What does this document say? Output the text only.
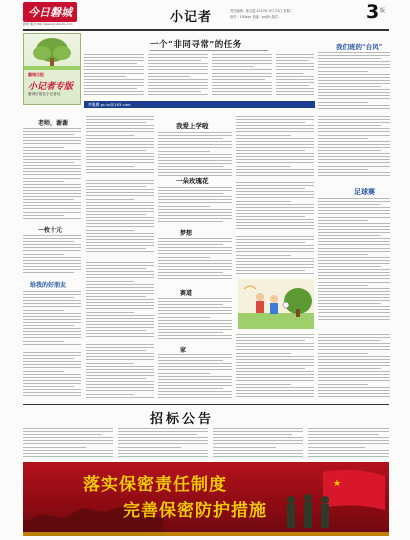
今日磐城
磐城日报社 http://www.pc.shantou.com	小记者	责任编辑：陈玉霞 2010年 9月 21日 星期二
校对：150xxx 美编：pc@c 版式：	3 版
磐城日报
小记者专版
磐城日报社小记者站
一个“非同寻常”的任务
李继鹏 pc.ss@163.com
我们班的“台风”
足球赛
老师，谢谢
一枚十元
给我的好朋友
我爱上学啦
一朵玫瑰花
梦想
赛道
家
招标公告
★
落实保密责任制度
完善保密防护措施
